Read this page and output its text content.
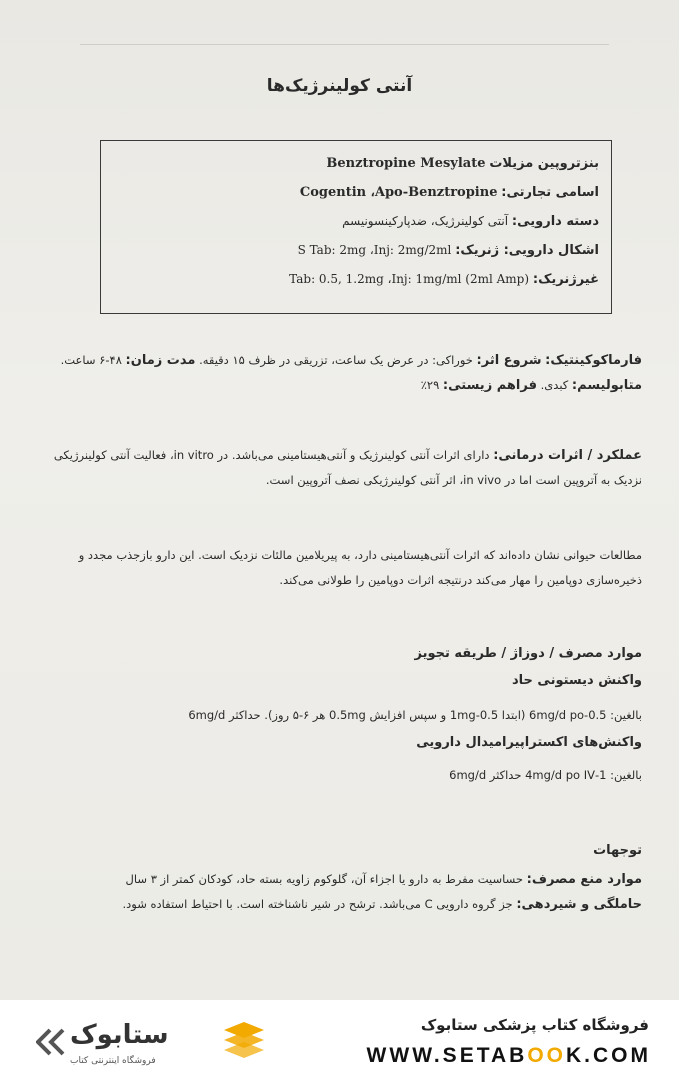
آنتی کولینرژیک‌ها
بنزتروپین مزیلات Benztropine Mesylate
اسامی تجارتی: Cogentin ،Apo-Benztropine
دسته دارویی: آنتی کولینرژیک، ضدپارکینسونیسم
اشکال دارویی: ژنریک: S Tab: 2mg ،Inj: 2mg/2ml
غیرژنریک: Tab: 0.5, 1.2mg ،Inj: 1mg/ml (2ml Amp)
فارماکوکینتیک: شروع اثر: خوراکی: در عرض یک ساعت، تزریقی در ظرف ۱۵ دقیقه. مدت زمان: ۴۸-۶ ساعت. متابولیسم: کبدی. فراهم زیستی: ۲۹٪
عملکرد / اثرات درمانی: دارای اثرات آنتی کولینرژیک و آنتی‌هیستامینی می‌باشد. در in vitro، فعالیت آنتی کولینرژیکی نزدیک به آتروپین است اما در in vivo، اثر آنتی کولینرژیکی نصف آتروپین است.
مطالعات حیوانی نشان داده‌اند که اثرات آنتی‌هیستامینی دارد، به پیریلامین مالئات نزدیک است. این دارو بازجذب مجدد و ذخیره‌سازی دوپامین را مهار می‌کند درنتیجه اثرات دوپامین را طولانی می‌کند.
موارد مصرف / دوزاژ / طریقه تجویز
واکنش دیستونی حاد
بالغین: 0.5-6mg/d po (ابتدا 0.5-1mg و سپس افزایش 0.5mg هر ۶-۵ روز). حداکثر 6mg/d
واکنش‌های اکستراپیرامیدال دارویی
بالغین: 1-4mg/d po IV حداکثر 6mg/d
توجهات
موارد منع مصرف: حساسیت مفرط به دارو یا اجزاء آن، گلوکوم زاویه بسته حاد، کودکان کمتر از ۳ سال
حاملگی و شیردهی: جز گروه دارویی C می‌باشد. ترشح در شیر ناشناخته است. با احتیاط استفاده شود.
ستابوک
فروشگاه اینترنتی کتاب
فروشگاه کتاب پزشکی ستابوک
WWW.SETABOOK.COM
